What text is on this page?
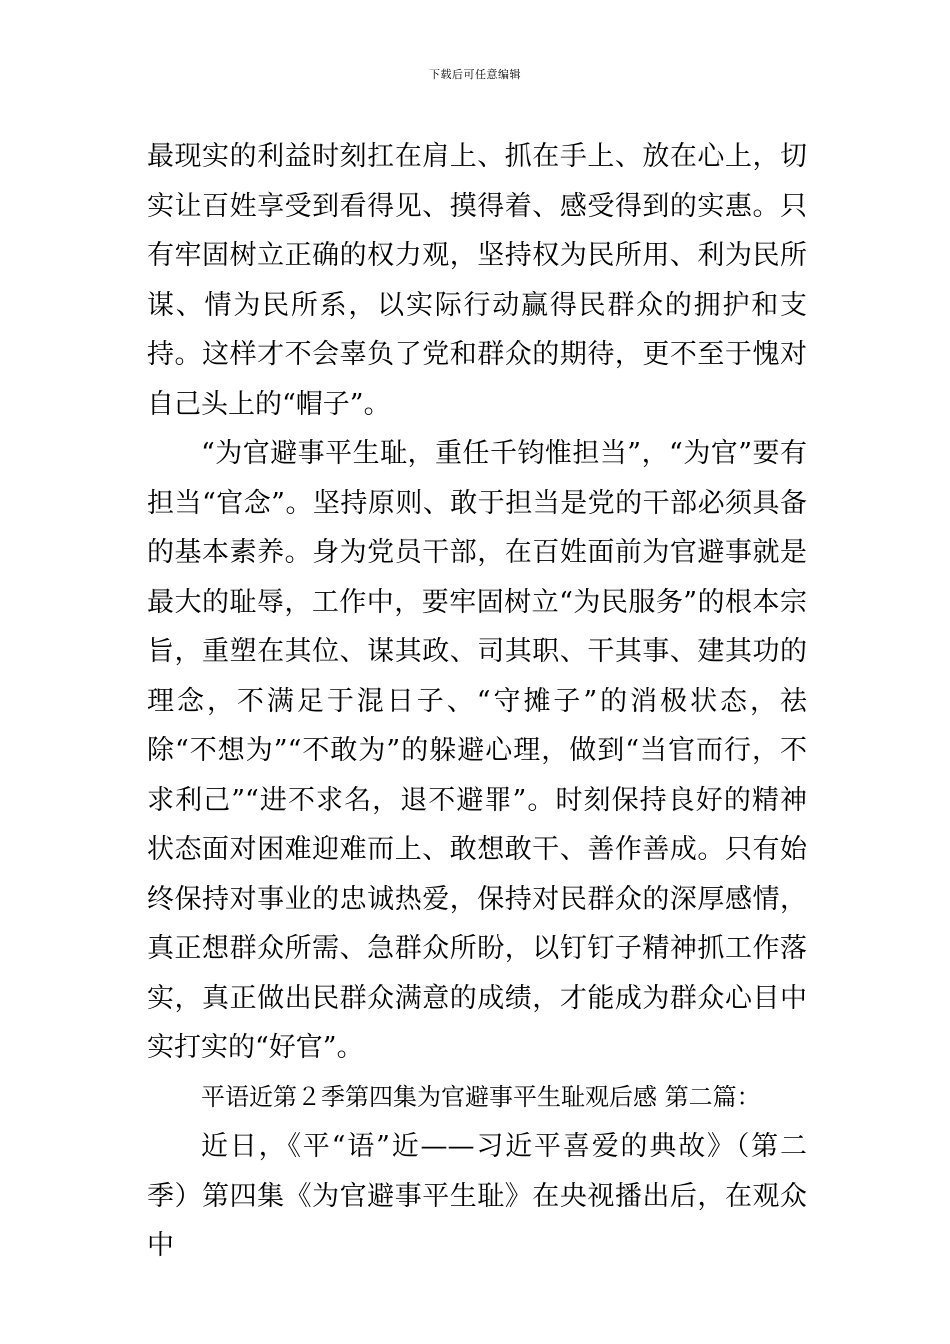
下载后可任意编辑

最现实的利益时刻扛在肩上、抓在手上、放在心上，切实让百姓享受到看得见、摸得着、感受得到的实惠。只有牢固树立正确的权力观，坚持权为民所用、利为民所谋、情为民所系，以实际行动赢得民群众的拥护和支持。这样才不会辜负了党和群众的期待，更不至于愧对自己头上的“帽子”。

“为官避事平生耻，重任千钧惟担当”，“为官”要有担当“官念”。坚持原则、敢于担当是党的干部必须具备的基本素养。身为党员干部，在百姓面前为官避事就是最大的耻辱，工作中，要牢固树立“为民服务”的根本宗旨，重塑在其位、谋其政、司其职、干其事、建其功的理念，不满足于混日子、“守摊子”的消极状态，祛除“不想为”“不敢为”的躲避心理，做到“当官而行，不求利己”“进不求名，退不避罪”。时刻保持良好的精神状态面对困难迎难而上、敢想敢干、善作善成。只有始终保持对事业的忠诚热爱，保持对民群众的深厚感情，真正想群众所需、急群众所盼，以钉钉子精神抓工作落实，真正做出民群众满意的成绩，才能成为群众心目中实打实的“好官”。

平语近第２季第四集为官避事平生耻观后感 第二篇：

近日，《平“语”近——习近平喜爱的典故》（第二季）第四集《为官避事平生耻》在央视播出后，在观众中
